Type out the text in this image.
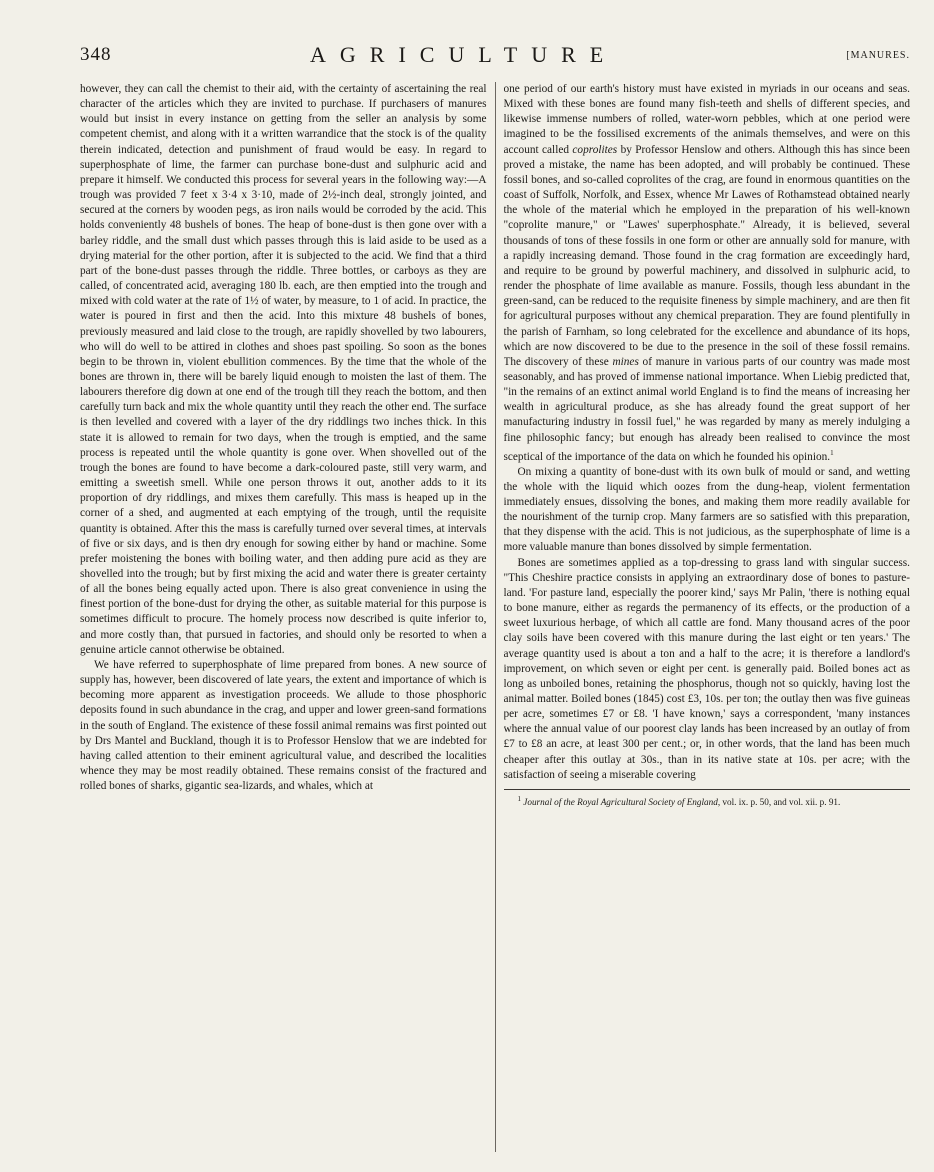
348	AGRICULTURE	[MANURES.

however, they can call the chemist to their aid, with the certainty of ascertaining the real character of the articles which they are invited to purchase. If purchasers of manures would but insist in every instance on getting from the seller an analysis by some competent chemist, and along with it a written warrandice that the stock is of the quality therein indicated, detection and punishment of fraud would be easy. In regard to superphosphate of lime, the farmer can purchase bone-dust and sulphuric acid and prepare it himself. We conducted this process for several years in the following way:—A trough was provided 7 feet x 3·4 x 3·10, made of 2½-inch deal, strongly jointed, and secured at the corners by wooden pegs, as iron nails would be corroded by the acid. This holds conveniently 48 bushels of bones. The heap of bone-dust is then gone over with a barley riddle, and the small dust which passes through this is laid aside to be used as a drying material for the other portion, after it is subjected to the acid. We find that a third part of the bone-dust passes through the riddle. Three bottles, or carboys as they are called, of concentrated acid, averaging 180 lb. each, are then emptied into the trough and mixed with cold water at the rate of 1½ of water, by measure, to 1 of acid. In practice, the water is poured in first and then the acid. Into this mixture 48 bushels of bones, previously measured and laid close to the trough, are rapidly shovelled by two labourers, who will do well to be attired in clothes and shoes past spoiling. So soon as the bones begin to be thrown in, violent ebullition commences. By the time that the whole of the bones are thrown in, there will be barely liquid enough to moisten the last of them. The labourers therefore dig down at one end of the trough till they reach the bottom, and then carefully turn back and mix the whole quantity until they reach the other end. The surface is then levelled and covered with a layer of the dry riddlings two inches thick. In this state it is allowed to remain for two days, when the trough is emptied, and the same process is repeated until the whole quantity is gone over. When shovelled out of the trough the bones are found to have become a dark-coloured paste, still very warm, and emitting a sweetish smell. While one person throws it out, another adds to it its proportion of dry riddlings, and mixes them carefully. This mass is heaped up in the corner of a shed, and augmented at each emptying of the trough, until the requisite quantity is obtained. After this the mass is carefully turned over several times, at intervals of five or six days, and is then dry enough for sowing either by hand or machine. Some prefer moistening the bones with boiling water, and then adding pure acid as they are shovelled into the trough; but by first mixing the acid and water there is greater certainty of all the bones being equally acted upon. There is also great convenience in using the finest portion of the bone-dust for drying the other, as suitable material for this purpose is sometimes difficult to procure. The homely process now described is quite inferior to, and more costly than, that pursued in factories, and should only be resorted to when a genuine article cannot otherwise be obtained.

We have referred to superphosphate of lime prepared from bones. A new source of supply has, however, been discovered of late years, the extent and importance of which is becoming more apparent as investigation proceeds. We allude to those phosphoric deposits found in such abundance in the crag, and upper and lower green-sand formations in the south of England. The existence of these fossil animal remains was first pointed out by Drs Mantel and Buckland, though it is to Professor Henslow that we are indebted for having called attention to their eminent agricultural value, and described the localities whence they may be most readily obtained. These remains consist of the fractured and rolled bones of sharks, gigantic sea-lizards, and whales, which at

one period of our earth's history must have existed in myriads in our oceans and seas. Mixed with these bones are found many fish-teeth and shells of different species, and likewise immense numbers of rolled, water-worn pebbles, which at one period were imagined to be the fossilised excrements of the animals themselves, and were on this account called coprolites by Professor Henslow and others. Although this has since been proved a mistake, the name has been adopted, and will probably be continued. These fossil bones, and so-called coprolites of the crag, are found in enormous quantities on the coast of Suffolk, Norfolk, and Essex, whence Mr Lawes of Rothamstead obtained nearly the whole of the material which he employed in the preparation of his well-known "coprolite manure," or "Lawes' superphosphate." Already, it is believed, several thousands of tons of these fossils in one form or other are annually sold for manure, with a rapidly increasing demand. Those found in the crag formation are exceedingly hard, and require to be ground by powerful machinery, and dissolved in sulphuric acid, to render the phosphate of lime available as manure. Fossils, though less abundant in the green-sand, can be reduced to the requisite fineness by simple machinery, and are then fit for agricultural purposes without any chemical preparation. They are found plentifully in the parish of Farnham, so long celebrated for the excellence and abundance of its hops, which are now discovered to be due to the presence in the soil of these fossil remains. The discovery of these mines of manure in various parts of our country was made most seasonably, and has proved of immense national importance. When Liebig predicted that, "in the remains of an extinct animal world England is to find the means of increasing her wealth in agricultural produce, as she has already found the great support of her manufacturing industry in fossil fuel," he was regarded by many as merely indulging a fine philosophic fancy; but enough has already been realised to convince the most sceptical of the importance of the data on which he founded his opinion.$^1$

On mixing a quantity of bone-dust with its own bulk of mould or sand, and wetting the whole with the liquid which oozes from the dung-heap, violent fermentation immediately ensues, dissolving the bones, and making them more readily available for the nourishment of the turnip crop. Many farmers are so satisfied with this preparation, that they dispense with the acid. This is not judicious, as the superphosphate of lime is a more valuable manure than bones dissolved by simple fermentation.

Bones are sometimes applied as a top-dressing to grass land with singular success. "This Cheshire practice consists in applying an extraordinary dose of bones to pasture-land. 'For pasture land, especially the poorer kind,' says Mr Palin, 'there is nothing equal to bone manure, either as regards the permanency of its effects, or the production of a sweet luxurious herbage, of which all cattle are fond. Many thousand acres of the poor clay soils have been covered with this manure during the last eight or ten years.' The average quantity used is about a ton and a half to the acre; it is therefore a landlord's improvement, on which seven or eight per cent. is generally paid. Boiled bones act as long as unboiled bones, retaining the phosphorus, though not so quickly, having lost the animal matter. Boiled bones (1845) cost £3, 10s. per ton; the outlay then was five guineas per acre, sometimes £7 or £8. 'I have known,' says a correspondent, 'many instances where the annual value of our poorest clay lands has been increased by an outlay of from £7 to £8 an acre, at least 300 per cent.; or, in other words, that the land has been much cheaper after this outlay at 30s., than in its native state at 10s. per acre; with the satisfaction of seeing a miserable covering

$^1$ Journal of the Royal Agricultural Society of England, vol. ix. p. 50, and vol. xii. p. 91.
